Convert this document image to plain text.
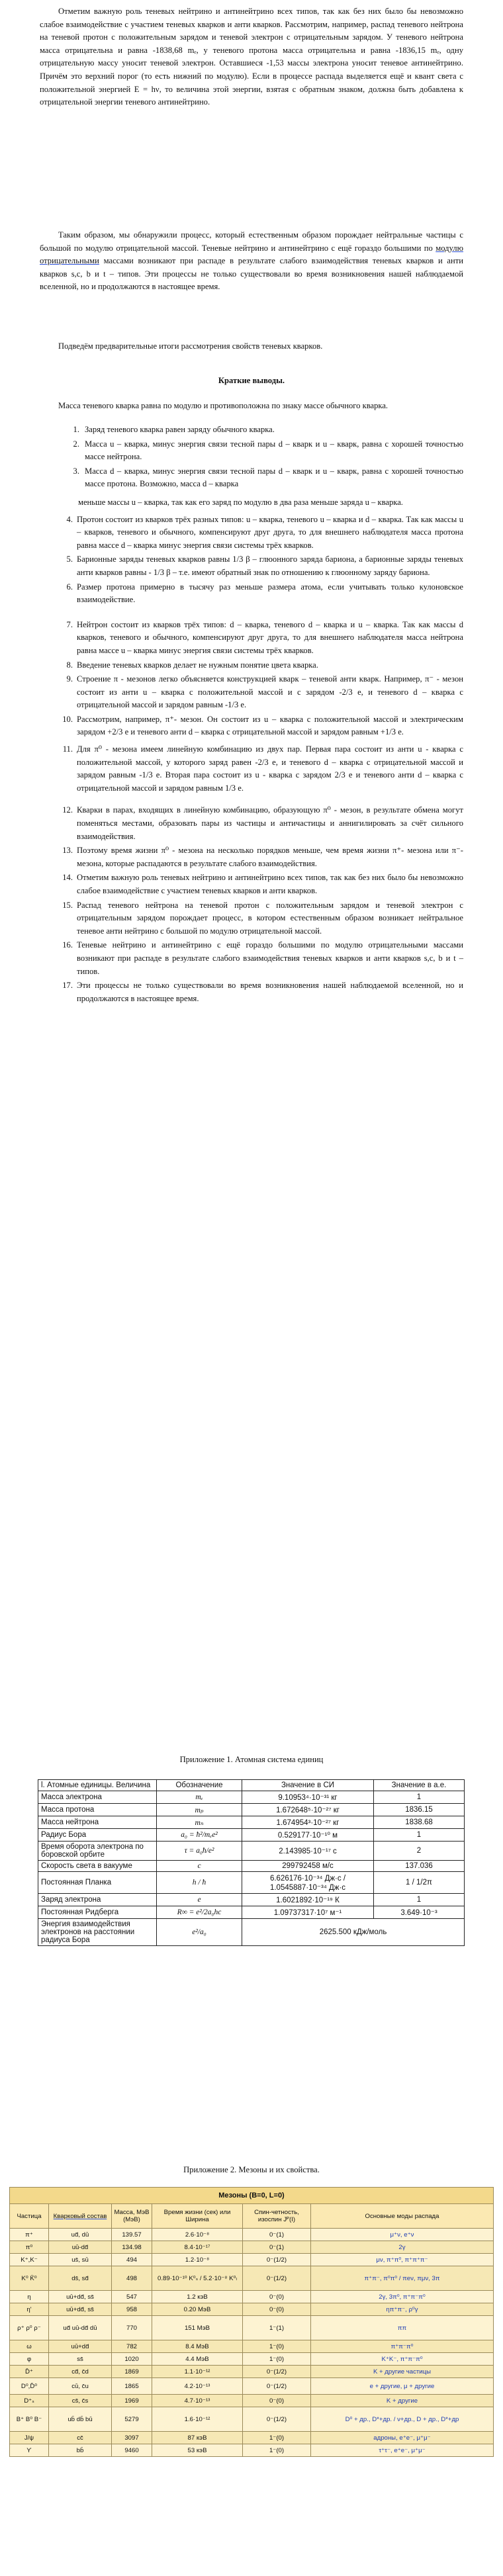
Отметим важную роль теневых нейтрино и антинейтрино всех типов, так как без них было бы невозможно слабое взаимодействие с участием теневых кварков и анти кварков. Рассмотрим, например, распад теневого нейтрона на теневой протон с положительным зарядом и теневой электрон с отрицательным зарядом. У теневого нейтрона масса отрицательна и равна -1838,68 mₑ, у теневого протона масса отрицательна и равна -1836,15 mₑ, одну отрицательную массу уносит теневой электрон. Оставшиеся -1,53 массы электрона уносит теневое антинейтрино. Причём это верхний порог (то есть нижний по модулю). Если в процессе распада выделяется ещё и квант света с положительной энергией E = hν, то величина этой энергии, взятая с обратным знаком, должна быть добавлена к отрицательной энергии теневого антинейтрино.
Таким образом, мы обнаружили процесс, который естественным образом порождает нейтральные частицы с большой по модулю отрицательной массой. Теневые нейтрино и антинейтрино с ещё гораздо большими по модулю отрицательными массами возникают при распаде в результате слабого взаимодействия теневых кварков и анти кварков s,c, b и t – типов. Эти процессы не только существовали во время возникновения нашей наблюдаемой вселенной, но и продолжаются в настоящее время.
Подведём предварительные итоги рассмотрения свойств теневых кварков.
Краткие выводы.
Масса теневого кварка равна по модулю и противоположна по знаку массе обычного кварка.
1. Заряд теневого кварка равен заряду обычного кварка.
2. Масса u – кварка, минус энергия связи тесной пары d – кварк и u – кварк, равна с хорошей точностью массе нейтрона.
3. Масса d – кварка, минус энергия связи тесной пары d – кварк и u – кварк, равна с хорошей точностью массе протона. Возможно, масса d – кварка
меньше массы u – кварка, так как его заряд по модулю в два раза меньше заряда u – кварка.
4. Протон состоит из кварков трёх разных типов: u – кварка, теневого u – кварка и d – кварка. Так как массы u – кварков, теневого и обычного, компенсируют друг друга, то для внешнего наблюдателя масса протона равна массе d – кварка минус энергия связи системы трёх кварков.
5. Барионные заряды теневых кварков равны 1/3 β – глюонного заряда бариона, а барионные заряды теневых анти кварков равны - 1/3 β – т.е. имеют обратный знак по отношению к глюонному заряду бариона.
6. Размер протона примерно в тысячу раз меньше размера атома, если учитывать только кулоновское взаимодействие.
7. Нейтрон состоит из кварков трёх типов: d – кварка, теневого d – кварка и u – кварка. Так как массы d кварков, теневого и обычного, компенсируют друг друга, то для внешнего наблюдателя масса нейтрона равна массе u – кварка минус энергия связи системы трёх кварков.
8. Введение теневых кварков делает не нужным понятие цвета кварка.
9. Строение π - мезонов легко объясняется конструкцией кварк – теневой анти кварк. Например, π⁻ - мезон состоит из анти u – кварка с положительной массой и с зарядом -2/3 e, и теневого d – кварка с отрицательной массой и зарядом равным -1/3 e.
10. Рассмотрим, например, π⁺- мезон. Он состоит из u – кварка с положительной массой и электрическим зарядом +2/3 e и теневого анти d – кварка с отрицательной массой и зарядом равным +1/3 e.
11. Для π⁰ - мезона имеем линейную комбинацию из двух пар. Первая пара состоит из анти u - кварка с положительной массой, у которого заряд равен -2/3 e, и теневого d – кварка с отрицательной массой и зарядом равным -1/3 e. Вторая пара состоит из u - кварка с зарядом 2/3 e и теневого анти d – кварка с отрицательной массой и зарядом равным 1/3 e.
12. Кварки в парах, входящих в линейную комбинацию, образующую π⁰ - мезон, в результате обмена могут поменяться местами, образовать пары из частицы и античастицы и аннигилировать за счёт сильного взаимодействия.
13. Поэтому время жизни π⁰ - мезона на несколько порядков меньше, чем время жизни π⁺- мезона или π⁻- мезона, которые распадаются в результате слабого взаимодействия.
14. Отметим важную роль теневых нейтрино и антинейтрино всех типов, так как без них было бы невозможно слабое взаимодействие с участием теневых кварков и анти кварков.
15. Распад теневого нейтрона на теневой протон с положительным зарядом и теневой электрон с отрицательным зарядом порождает процесс, в котором естественным образом возникает нейтральное теневое анти нейтрино с большой по модулю отрицательной массой.
16. Теневые нейтрино и антинейтрино с ещё гораздо большими по модулю отрицательными массами возникают при распаде в результате слабого взаимодействия теневых кварков и анти кварков s,c, b и t – типов.
17. Эти процессы не только существовали во время возникновения нашей наблюдаемой вселенной, но и продолжаются в настоящее время.
Приложение 1. Атомная система единиц
l. Атомные единицы. Величина	Обозначение	Значение в СИ	Значение в а.е.
Масса электрона	mₑ	9.10953⁴·10⁻³¹ кг	1
Масса протона	mₚ	1.672648⁵·10⁻²⁷ кг	1836.15
Масса нейтрона	mₙ	1.674954³·10⁻²⁷ кг	1838.68
Радиус Бора	a₀ = ħ²/mₑe²	0.529177·10⁻¹⁰ м	1
Время оборота электрона по боровской орбите	τ = a₀ħ/e²	2.143985·10⁻¹⁷ с	2
Скорость света в вакууме	c	299792458 м/с	137.036
Постоянная Планка	h / ħ	6.626176·10⁻³⁴ Дж·с / 1.0545887·10⁻³⁴ Дж·с	1 / 1/2π
Заряд электрона	e	1.6021892·10⁻¹⁹ К	1
Постоянная Ридберга	R∞ = e²/2a₀hc	1.09737317·10⁷ м⁻¹	3.649·10⁻³
Энергия взаимодействия электронов на расстоянии радиуса Бора	e²/a₀	2625.500 кДж/моль	
Приложение 2. Мезоны и их свойства.
Мезоны (B=0, L=0)					
Частица	Кварковый состав	Масса, МэВ (МэВ)	Время жизни (сек) или Ширина	Спин-четность, изоспин Jᴾ(I)	Основные моды распада
π⁺	ud̄, dū	139.57	2.6·10⁻⁸	0⁻(1)	μ⁺ν, e⁺ν
π⁰	uū-dd̄	134.98	8.4·10⁻¹⁷	0⁻(1)	2γ
K⁺,K⁻	us̄, sū	494	1.2·10⁻⁸	0⁻(1/2)	μν, π⁺π⁰, π⁺π⁺π⁻
K⁰ K̄⁰	ds̄, sd̄	498	0.89·10⁻¹⁰ K⁰ₛ / 5.2·10⁻⁸ K⁰ₗ	0⁻(1/2)	π⁺π⁻, π⁰π⁰ / πeν, πμν, 3π
η	uū+dd̄, ss̄	547	1.2 кэВ	0⁻(0)	2γ, 3π⁰, π⁺π⁻π⁰
η'	uū+dd̄, ss̄	958	0.20 МэВ	0⁻(0)	ηπ⁺π⁻, ρ⁰γ
ρ⁺ ρ⁰ ρ⁻	ud̄ uū-dd̄ dū	770	151 МэВ	1⁻(1)	ππ
ω	uū+dd̄	782	8.4 МэВ	1⁻(0)	π⁺π⁻π⁰
φ	ss̄	1020	4.4 МэВ	1⁻(0)	K⁺K⁻, π⁺π⁻π⁰
D̄⁺	cd̄, c̄d	1869	1.1·10⁻¹²	0⁻(1/2)	K + другие частицы
D⁰,D̄⁰	cū, c̄u	1865	4.2·10⁻¹³	0⁻(1/2)	e + другие, μ + другие
D⁺ₛ	cs̄, c̄s	1969	4.7·10⁻¹³	0⁻(0)	K + другие
B⁺ B⁰ B⁻	ub̄ db̄ bū	5279	1.6·10⁻¹²	0⁻(1/2)	D⁰ + др., D*+др. / ν+др., D + др., D*+др
J/ψ	cc̄	3097	87 кэВ	1⁻(0)	адроны, e⁺e⁻, μ⁺μ⁻
ϒ	bb̄	9460	53 кэВ	1⁻(0)	τ⁺τ⁻, e⁺e⁻, μ⁺μ⁻
